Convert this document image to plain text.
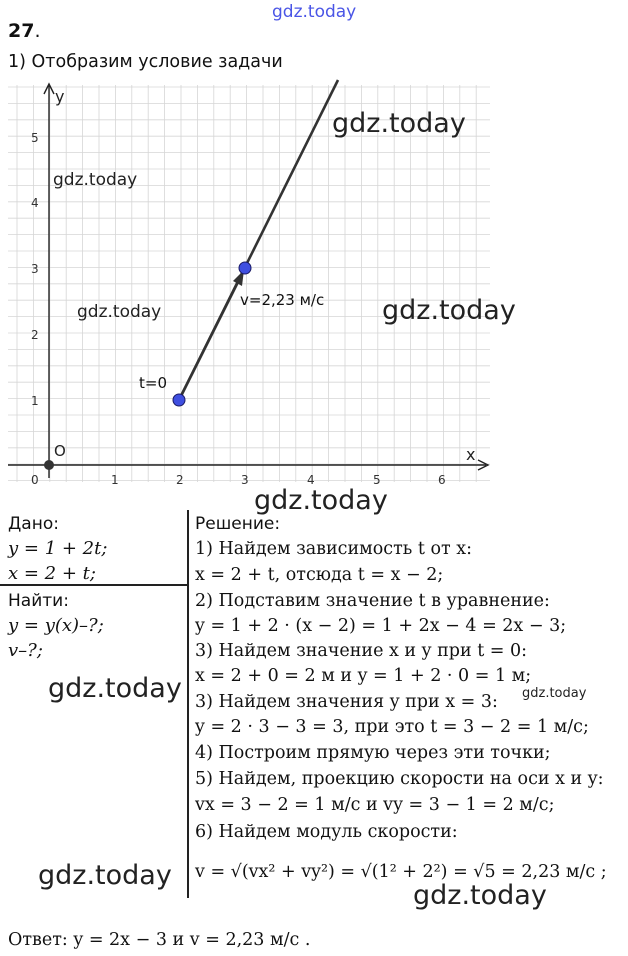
gdz.today
27.
1) Отобразим условие задачи
x
y
O
0	1	2	3	4	5	6
1
2
3
4
5
t=0
v=2,23 м/с
Дано:
y = 1 + 2t;
x = 2 + t;
Найти:
y = y(x)–?;
v–?;
Решение:
1) Найдем зависимость t от x:
x = 2 + t, отсюда t = x − 2;
2) Подставим значение t в уравнение:
y = 1 + 2 · (x − 2) = 1 + 2x − 4 = 2x − 3;
3) Найдем значение x и y при t = 0:
x = 2 + 0 = 2 м и y = 1 + 2 · 0 = 1 м;
3) Найдем значения y при x = 3:
y = 2 · 3 − 3 = 3, при это t = 3 − 2 = 1 м/с;
4) Построим прямую через эти точки;
5) Найдем, проекцию скорости на оси x и y:
vx = 3 − 2 = 1 м/с и vy = 3 − 1 = 2 м/с;
6) Найдем модуль скорости:
v = √(vx² + vy²) = √(1² + 2²) = √5 = 2,23 м/с ;
Ответ: y = 2x − 3 и v = 2,23 м/с .
gdz.today
gdz.today
gdz.today	gdz.today
gdz.today
gdz.today	gdz.today
gdz.today
gdz.today
